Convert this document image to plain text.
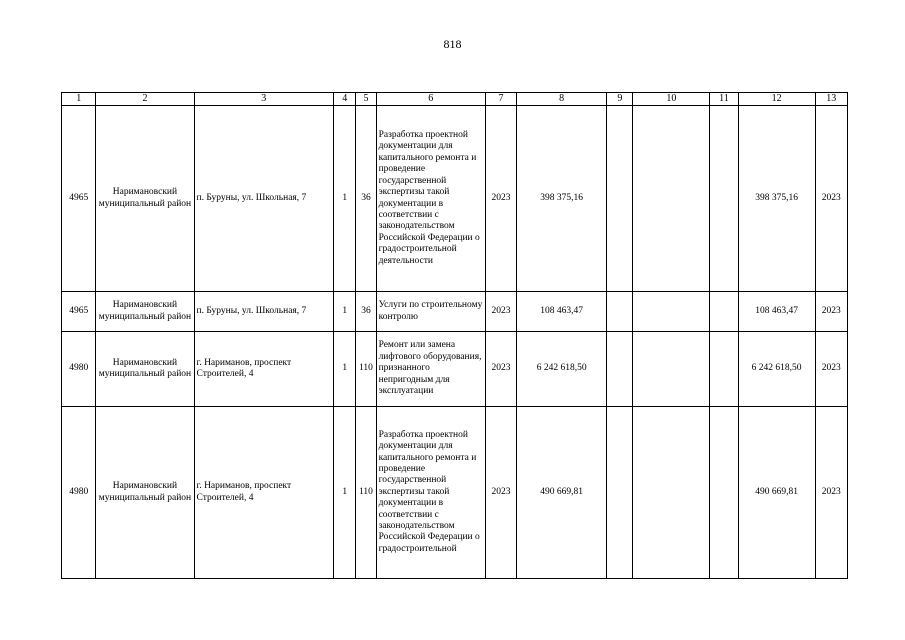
818
1	2	3	4	5	6	7	8	9	10	11	12	13
4965	Наримановский муниципальный район	п. Буруны, ул. Школьная, 7	1	36	Разработка проектной документации для капитального ремонта и проведение государственной экспертизы такой документации в соответствии с законодательством Российской Федерации о градостроительной деятельности	2023	398 375,16				398 375,16	2023
4965	Наримановский муниципальный район	п. Буруны, ул. Школьная, 7	1	36	Услуги по строительному контролю	2023	108 463,47				108 463,47	2023
4980	Наримановский муниципальный район	г. Нариманов, проспект Строителей, 4	1	110	Ремонт или замена лифтового оборудования, признанного непригодным для эксплуатации	2023	6 242 618,50				6 242 618,50	2023
4980	Наримановский муниципальный район	г. Нариманов, проспект Строителей, 4	1	110	Разработка проектной документации для капитального ремонта и проведение государственной экспертизы такой документации в соответствии с законодательством Российской Федерации о градостроительной	2023	490 669,81				490 669,81	2023
